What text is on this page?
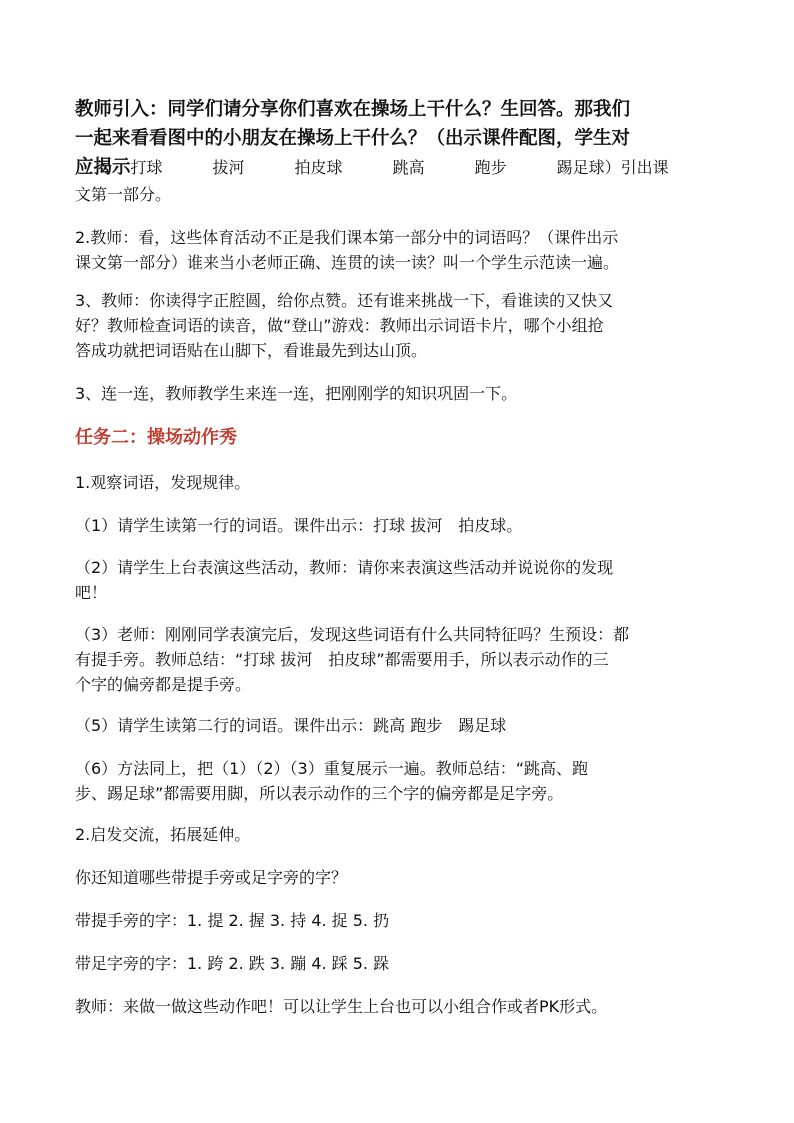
教师引入：同学们请分享你们喜欢在操场上干什么？生回答。那我们

一起来看看图中的小朋友在操场上干什么？（出示课件配图，学生对

应揭示打球	拔河	拍皮球	跳高	跑步	踢足球）引出课

文第一部分。

2.教师：看，这些体育活动不正是我们课本第一部分中的词语吗？（课件出示

课文第一部分）谁来当小老师正确、连贯的读一读？叫一个学生示范读一遍。

3、教师：你读得字正腔圆，给你点赞。还有谁来挑战一下，看谁读的又快又

好？教师检查词语的读音，做“登山”游戏：教师出示词语卡片，哪个小组抢

答成功就把词语贴在山脚下，看谁最先到达山顶。

3、连一连，教师教学生来连一连，把刚刚学的知识巩固一下。

任务二：操场动作秀

1.观察词语，发现规律。

（1）请学生读第一行的词语。课件出示：打球 拔河　拍皮球。

（2）请学生上台表演这些活动，教师：请你来表演这些活动并说说你的发现

吧！

（3）老师：刚刚同学表演完后，发现这些词语有什么共同特征吗？生预设：都

有提手旁。教师总结：“打球 拔河　拍皮球”都需要用手，所以表示动作的三

个字的偏旁都是提手旁。

（5）请学生读第二行的词语。课件出示：跳高 跑步　踢足球

（6）方法同上，把（1）（2）（3）重复展示一遍。教师总结：“跳高、跑

步、踢足球”都需要用脚，所以表示动作的三个字的偏旁都是足字旁。

2.启发交流，拓展延伸。

你还知道哪些带提手旁或足字旁的字？

带提手旁的字：1. 提 2. 握 3. 持 4. 捉 5. 扔

带足字旁的字：1. 跨 2. 跌 3. 蹦 4. 踩 5. 跺

教师：来做一做这些动作吧！可以让学生上台也可以小组合作或者PK形式。
